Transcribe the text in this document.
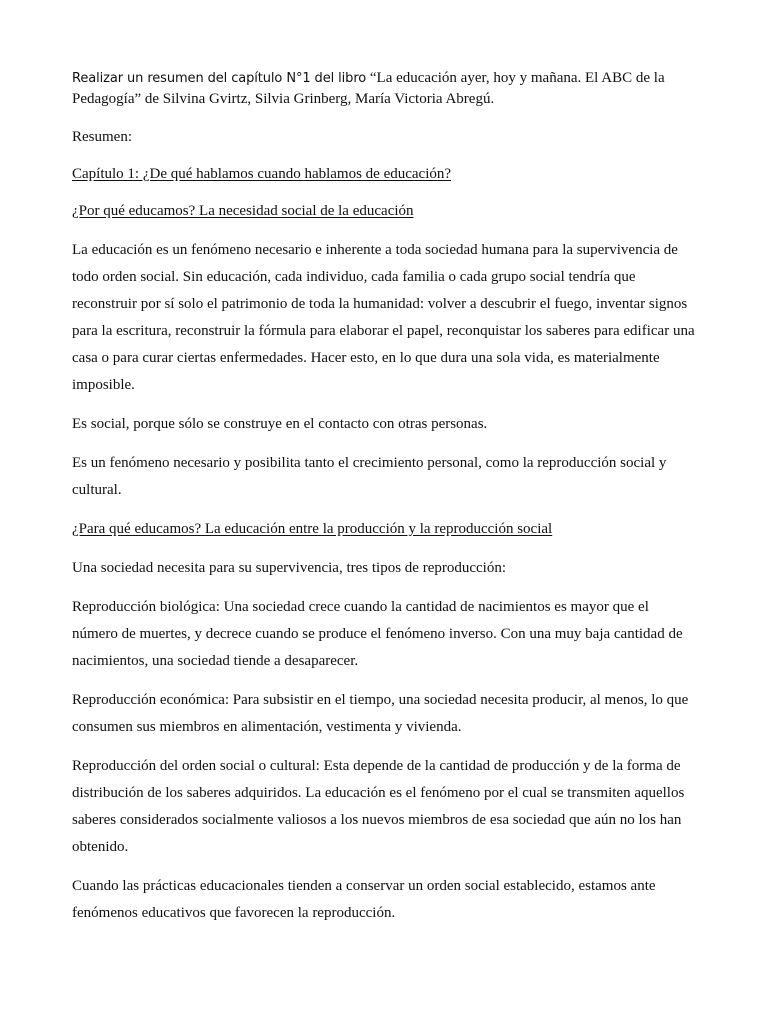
Realizar un resumen del capítulo N°1 del libro “La educación ayer, hoy y mañana. El ABC de la
Pedagogía” de Silvina Gvirtz, Silvia Grinberg, María Victoria Abregú.
Resumen:
Capítulo 1: ¿De qué hablamos cuando hablamos de educación?
¿Por qué educamos? La necesidad social de la educación
La educación es un fenómeno necesario e inherente a toda sociedad humana para la supervivencia de
todo orden social. Sin educación, cada individuo, cada familia o cada grupo social tendría que
reconstruir por sí solo el patrimonio de toda la humanidad: volver a descubrir el fuego, inventar signos
para la escritura, reconstruir la fórmula para elaborar el papel, reconquistar los saberes para edificar una
casa o para curar ciertas enfermedades. Hacer esto, en lo que dura una sola vida, es materialmente
imposible.
Es social, porque sólo se construye en el contacto con otras personas.
Es un fenómeno necesario y posibilita tanto el crecimiento personal, como la reproducción social y
cultural.
¿Para qué educamos? La educación entre la producción y la reproducción social
Una sociedad necesita para su supervivencia, tres tipos de reproducción:
Reproducción biológica: Una sociedad crece cuando la cantidad de nacimientos es mayor que el
número de muertes, y decrece cuando se produce el fenómeno inverso. Con una muy baja cantidad de
nacimientos, una sociedad tiende a desaparecer.
Reproducción económica: Para subsistir en el tiempo, una sociedad necesita producir, al menos, lo que
consumen sus miembros en alimentación, vestimenta y vivienda.
Reproducción del orden social o cultural: Esta depende de la cantidad de producción y de la forma de
distribución de los saberes adquiridos. La educación es el fenómeno por el cual se transmiten aquellos
saberes considerados socialmente valiosos a los nuevos miembros de esa sociedad que aún no los han
obtenido.
Cuando las prácticas educacionales tienden a conservar un orden social establecido, estamos ante
fenómenos educativos que favorecen la reproducción.
